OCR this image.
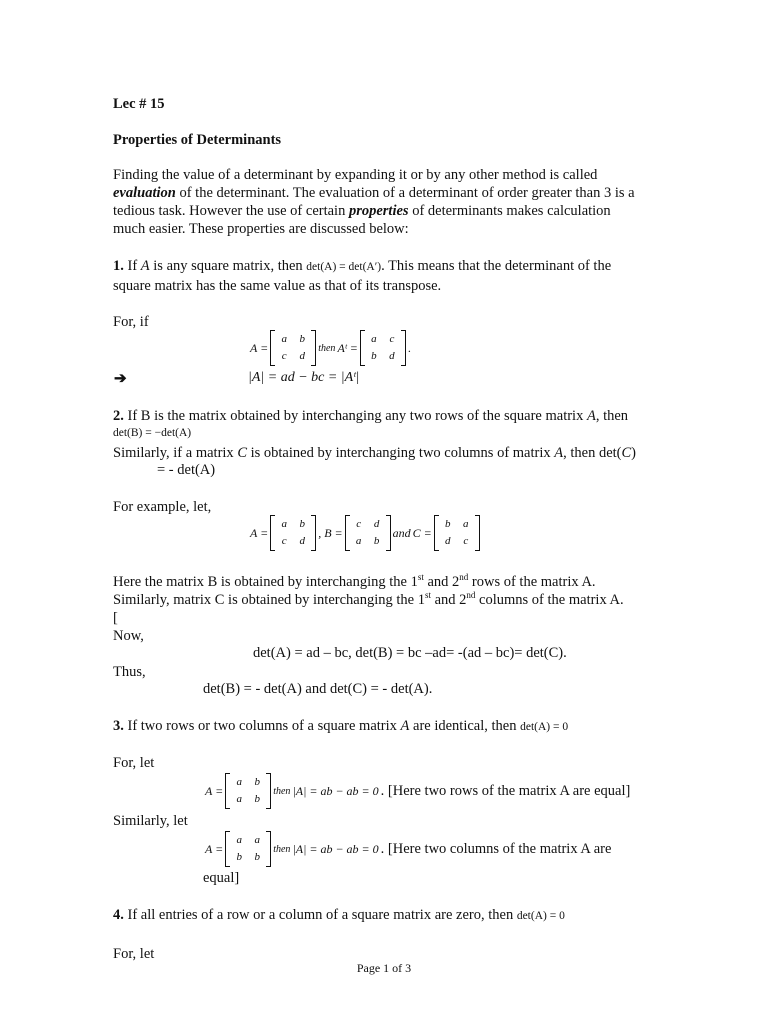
Lec # 15
Properties of Determinants
Finding the value of a determinant by expanding it or by any other method is called
evaluation of the determinant. The evaluation of a determinant of order greater than 3 is a
tedious task. However the use of certain properties of determinants makes calculation
much easier. These properties are discussed below:
1. If A is any square matrix, then det(A) = det(A′). This means that the determinant of the
square matrix has the same value as that of its transpose.
For, if
A =
a	b
c	d
then Aᵗ =
a	c
b	d
.
➔	|A| = ad − bc = |Aᵗ|
2. If B is the matrix obtained by interchanging any two rows of the square matrix A, then
det(B) = −det(A)
Similarly, if a matrix C is obtained by interchanging two columns of matrix A, then det(C)
= - det(A)
For example, let,
A =
a	b
c	d
, B =
c	d
a	b
and C =
b	a
d	c
Here the matrix B is obtained by interchanging the 1st and 2nd rows of the matrix A.
Similarly, matrix C is obtained by interchanging the 1st and 2nd columns of the matrix A.
[
Now,
det(A) = ad – bc, det(B) = bc –ad= -(ad – bc)= det(C).
Thus,
det(B) = - det(A) and det(C) = - det(A).
3. If two rows or two columns of a square matrix A are identical, then det(A) = 0
For, let
A =
a	b
a	b
then |A| = ab − ab = 0 . [Here two rows of the matrix A are equal]
Similarly, let
A =
a	a
b	b
then |A| = ab − ab = 0 . [Here two columns of the matrix A are
equal]
4. If all entries of a row or a column of a square matrix are zero, then det(A) = 0
For, let
Page 1 of 3
